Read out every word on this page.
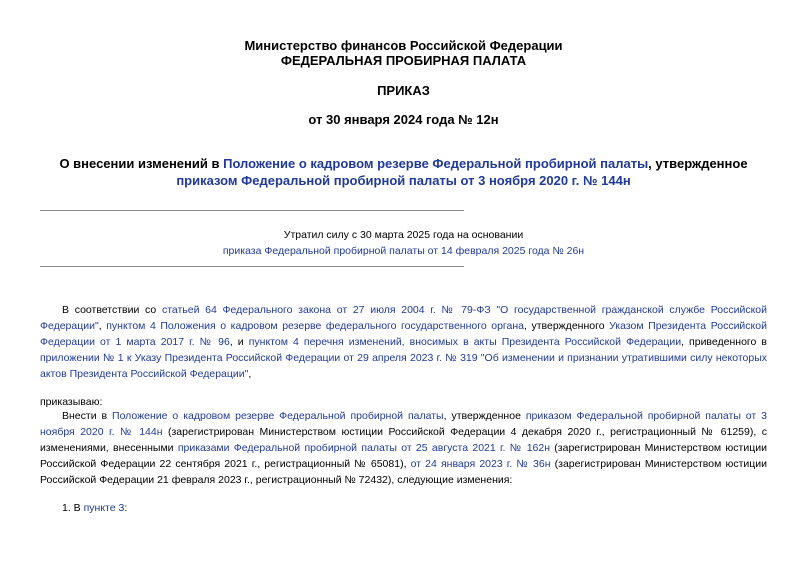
Министерство финансов Российской Федерации
ФЕДЕРАЛЬНАЯ ПРОБИРНАЯ ПАЛАТА
ПРИКАЗ
от 30 января 2024 года № 12н
О внесении изменений в Положение о кадровом резерве Федеральной пробирной палаты, утвержденное приказом Федеральной пробирной палаты от 3 ноября 2020 г. № 144н
Утратил силу с 30 марта 2025 года на основании
приказа Федеральной пробирной палаты от 14 февраля 2025 года № 26н
В соответствии со статьей 64 Федерального закона от 27 июля 2004 г. № 79-ФЗ "О государственной гражданской службе Российской Федерации", пунктом 4 Положения о кадровом резерве федерального государственного органа, утвержденного Указом Президента Российской Федерации от 1 марта 2017 г. № 96, и пунктом 4 перечня изменений, вносимых в акты Президента Российской Федерации, приведенного в приложении № 1 к Указу Президента Российской Федерации от 29 апреля 2023 г. № 319 "Об изменении и признании утратившими силу некоторых актов Президента Российской Федерации",
приказываю:
Внести в Положение о кадровом резерве Федеральной пробирной палаты, утвержденное приказом Федеральной пробирной палаты от 3 ноября 2020 г. № 144н (зарегистрирован Министерством юстиции Российской Федерации 4 декабря 2020 г., регистрационный № 61259), с изменениями, внесенными приказами Федеральной пробирной палаты от 25 августа 2021 г. № 162н (зарегистрирован Министерством юстиции Российской Федерации 22 сентября 2021 г., регистрационный № 65081), от 24 января 2023 г. № 36н (зарегистрирован Министерством юстиции Российской Федерации 21 февраля 2023 г., регистрационный № 72432), следующие изменения:
1. В пункте 3:
